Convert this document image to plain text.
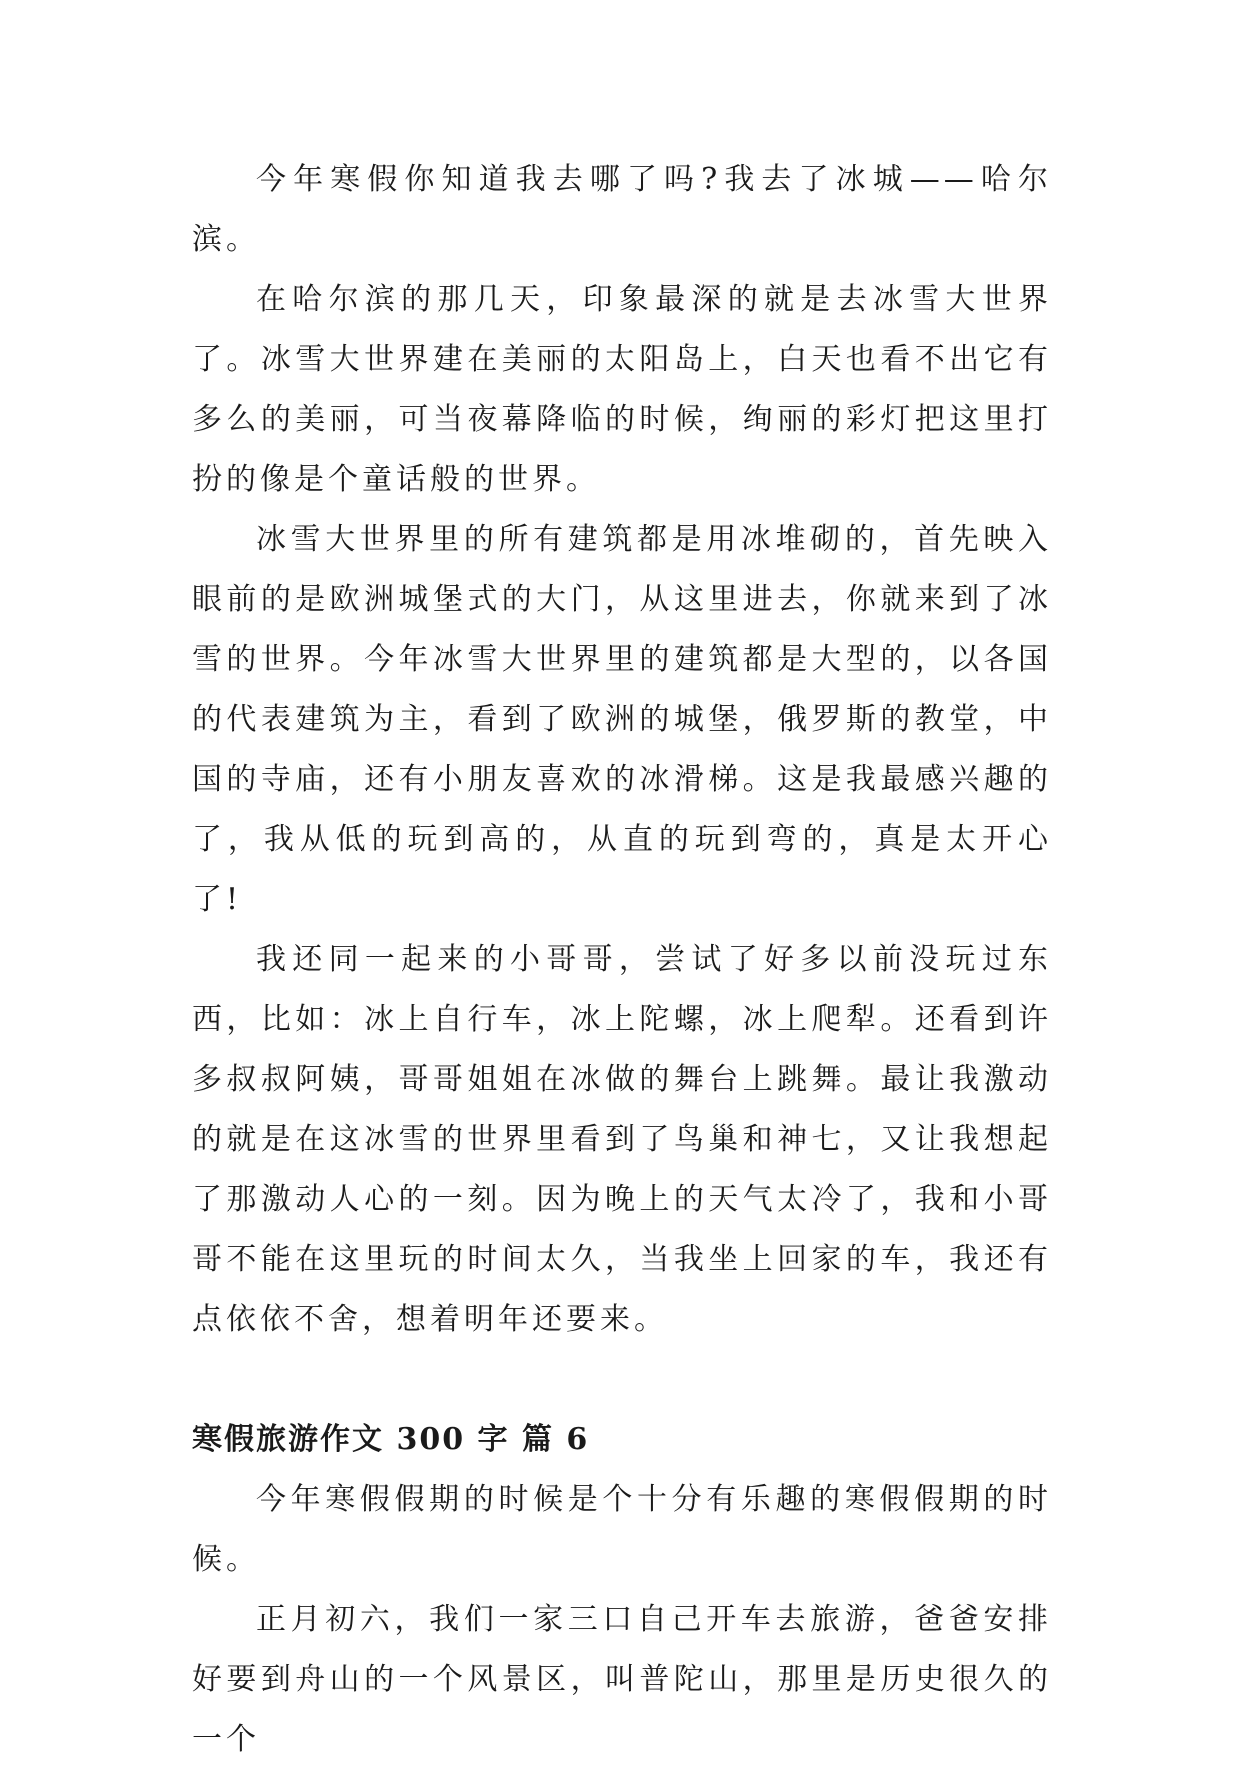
今年寒假你知道我去哪了吗?我去了冰城——哈尔滨。

在哈尔滨的那几天，印象最深的就是去冰雪大世界了。冰雪大世界建在美丽的太阳岛上，白天也看不出它有多么的美丽，可当夜幕降临的时候，绚丽的彩灯把这里打扮的像是个童话般的世界。

冰雪大世界里的所有建筑都是用冰堆砌的，首先映入眼前的是欧洲城堡式的大门，从这里进去，你就来到了冰雪的世界。今年冰雪大世界里的建筑都是大型的，以各国的代表建筑为主，看到了欧洲的城堡，俄罗斯的教堂，中国的寺庙，还有小朋友喜欢的冰滑梯。这是我最感兴趣的了，我从低的玩到高的，从直的玩到弯的，真是太开心了!

我还同一起来的小哥哥，尝试了好多以前没玩过东西，比如：冰上自行车，冰上陀螺，冰上爬犁。还看到许多叔叔阿姨，哥哥姐姐在冰做的舞台上跳舞。最让我激动的就是在这冰雪的世界里看到了鸟巢和神七，又让我想起了那激动人心的一刻。因为晚上的天气太冷了，我和小哥哥不能在这里玩的时间太久，当我坐上回家的车，我还有点依依不舍，想着明年还要来。

寒假旅游作文 300 字 篇 6

今年寒假假期的时候是个十分有乐趣的寒假假期的时候。

正月初六，我们一家三口自己开车去旅游，爸爸安排好要到舟山的一个风景区，叫普陀山，那里是历史很久的一个
